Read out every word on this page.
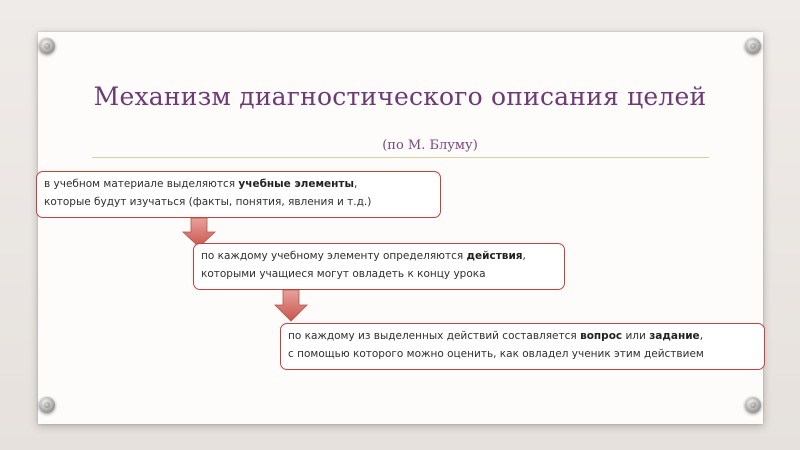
Механизм диагностического описания целей
(по М. Блуму)
в учебном материале выделяются учебные элементы,
которые будут изучаться (факты, понятия, явления и т.д.)
по каждому учебному элементу определяются действия,
которыми учащиеся могут овладеть к концу урока
по каждому из выделенных действий составляется вопрос или задание,
с помощью которого можно оценить, как овладел ученик этим действием
